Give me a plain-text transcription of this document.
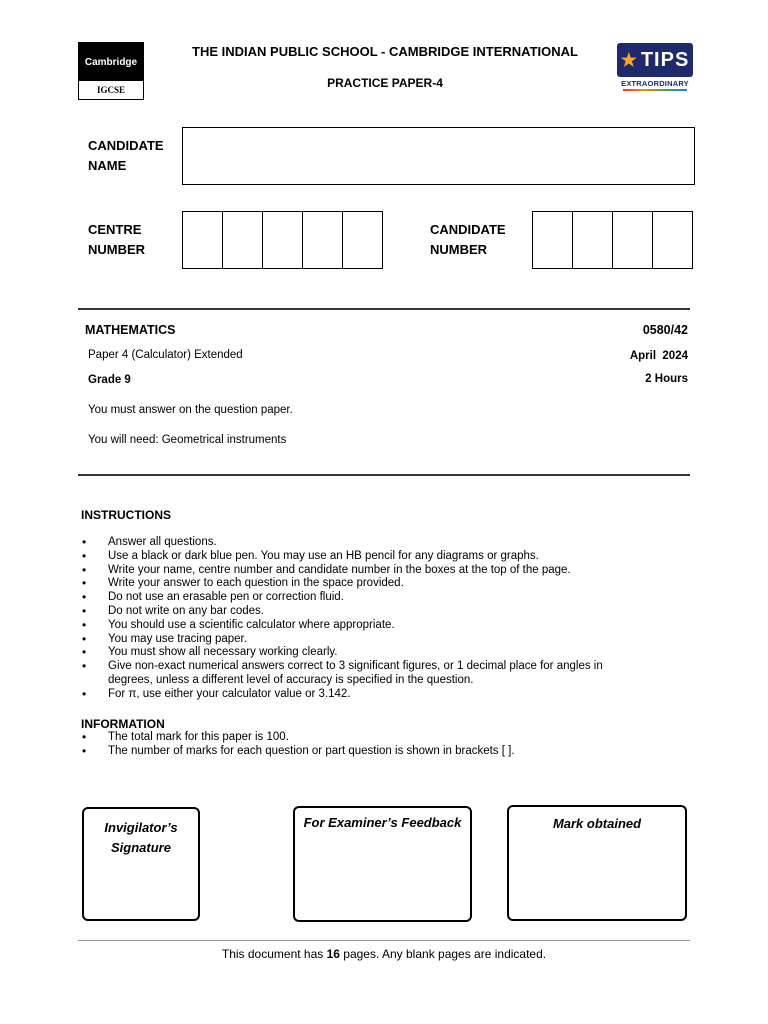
Cambridge
IGCSE
★ TIPS
EXTRAORDINARY
THE INDIAN PUBLIC SCHOOL - CAMBRIDGE INTERNATIONAL
PRACTICE PAPER-4
CANDIDATE
NAME
CENTRE
NUMBER
CANDIDATE
NUMBER
MATHEMATICS	0580/42
Paper 4 (Calculator) Extended	April 2024
Grade 9	2 Hours
You must answer on the question paper.
You will need: Geometrical instruments
INSTRUCTIONS
• Answer all questions.
• Use a black or dark blue pen. You may use an HB pencil for any diagrams or graphs.
• Write your name, centre number and candidate number in the boxes at the top of the page.
• Write your answer to each question in the space provided.
• Do not use an erasable pen or correction fluid.
• Do not write on any bar codes.
• You should use a scientific calculator where appropriate.
• You may use tracing paper.
• You must show all necessary working clearly.
• Give non-exact numerical answers correct to 3 significant figures, or 1 decimal place for angles in degrees, unless a different level of accuracy is specified in the question.
• For π, use either your calculator value or 3.142.
INFORMATION
• The total mark for this paper is 100.
• The number of marks for each question or part question is shown in brackets [ ].
Invigilator’s
Signature
For Examiner’s Feedback	Mark obtained
This document has 16 pages. Any blank pages are indicated.
